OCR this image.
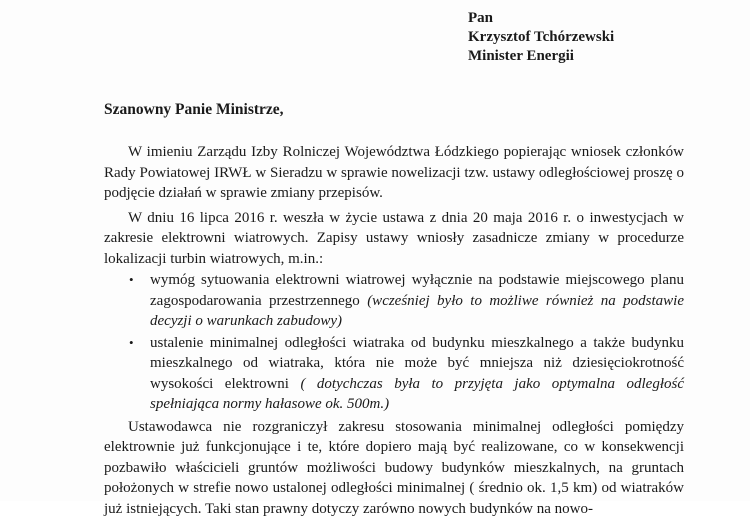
Pan
Krzysztof Tchórzewski
Minister Energii
Szanowny Panie Ministrze,

W imieniu Zarządu Izby Rolniczej Województwa Łódzkiego popierając wniosek członków Rady Powiatowej IRWŁ w Sieradzu w sprawie nowelizacji tzw. ustawy odległościowej proszę o podjęcie działań w sprawie zmiany przepisów.

W dniu 16 lipca 2016 r. weszła w życie ustawa z dnia 20 maja 2016 r. o inwestycjach w zakresie elektrowni wiatrowych. Zapisy ustawy wniosły zasadnicze zmiany w procedurze lokalizacji turbin wiatrowych, m.in.:

• wymóg sytuowania elektrowni wiatrowej wyłącznie na podstawie miejscowego planu zagospodarowania przestrzennego (wcześniej było to możliwe również na podstawie decyzji o warunkach zabudowy)
• ustalenie minimalnej odległości wiatraka od budynku mieszkalnego a także budynku mieszkalnego od wiatraka, która nie może być mniejsza niż dziesięciokrotność wysokości elektrowni ( dotychczas była to przyjęta jako optymalna odległość spełniająca normy hałasowe ok. 500m.)

Ustawodawca nie rozgraniczył zakresu stosowania minimalnej odległości pomiędzy elektrownie już funkcjonujące i te, które dopiero mają być realizowane, co w konsekwencji pozbawiło właścicieli gruntów możliwości budowy budynków mieszkalnych, na gruntach położonych w strefie nowo ustalonej odległości minimalnej ( średnio ok. 1,5 km) od wiatraków już istniejących. Taki stan prawny dotyczy zarówno nowych budynków na nowo-
